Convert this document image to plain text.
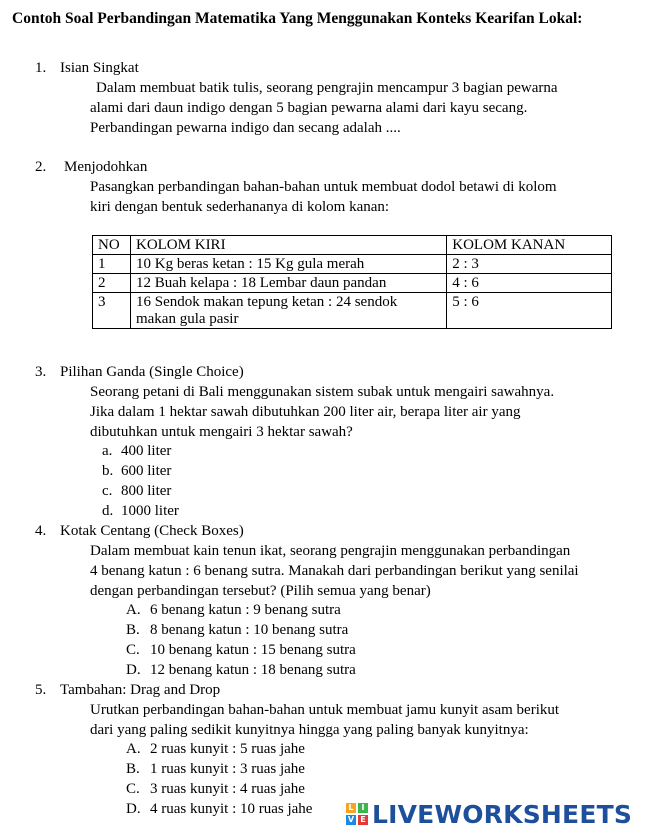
Contoh Soal Perbandingan Matematika Yang Menggunakan Konteks Kearifan Lokal:
1. Isian Singkat
Dalam membuat batik tulis, seorang pengrajin mencampur 3 bagian pewarna
alami dari daun indigo dengan 5 bagian pewarna alami dari kayu secang.
Perbandingan pewarna indigo dan secang adalah ....
2. Menjodohkan
Pasangkan perbandingan bahan-bahan untuk membuat dodol betawi di kolom
kiri dengan bentuk sederhananya di kolom kanan:
NO	KOLOM KIRI	KOLOM KANAN
1	10 Kg beras ketan : 15 Kg gula merah	2 : 3
2	12 Buah kelapa : 18 Lembar daun pandan	4 : 6
3	16 Sendok makan tepung ketan : 24 sendok
makan gula pasir	5 : 6
3. Pilihan Ganda (Single Choice)
Seorang petani di Bali menggunakan sistem subak untuk mengairi sawahnya.
Jika dalam 1 hektar sawah dibutuhkan 200 liter air, berapa liter air yang
dibutuhkan untuk mengairi 3 hektar sawah?
a. 400 liter
b. 600 liter
c. 800 liter
d. 1000 liter
4. Kotak Centang (Check Boxes)
Dalam membuat kain tenun ikat, seorang pengrajin menggunakan perbandingan
4 benang katun : 6 benang sutra. Manakah dari perbandingan berikut yang senilai
dengan perbandingan tersebut? (Pilih semua yang benar)
A. 6 benang katun : 9 benang sutra
B. 8 benang katun : 10 benang sutra
C. 10 benang katun : 15 benang sutra
D. 12 benang katun : 18 benang sutra
5. Tambahan: Drag and Drop
Urutkan perbandingan bahan-bahan untuk membuat jamu kunyit asam berikut
dari yang paling sedikit kunyitnya hingga yang paling banyak kunyitnya:
A. 2 ruas kunyit : 5 ruas jahe
B. 1 ruas kunyit : 3 ruas jahe
C. 3 ruas kunyit : 4 ruas jahe
D. 4 ruas kunyit : 10 ruas jahe	L I
V E LIVEWORKSHEETS
